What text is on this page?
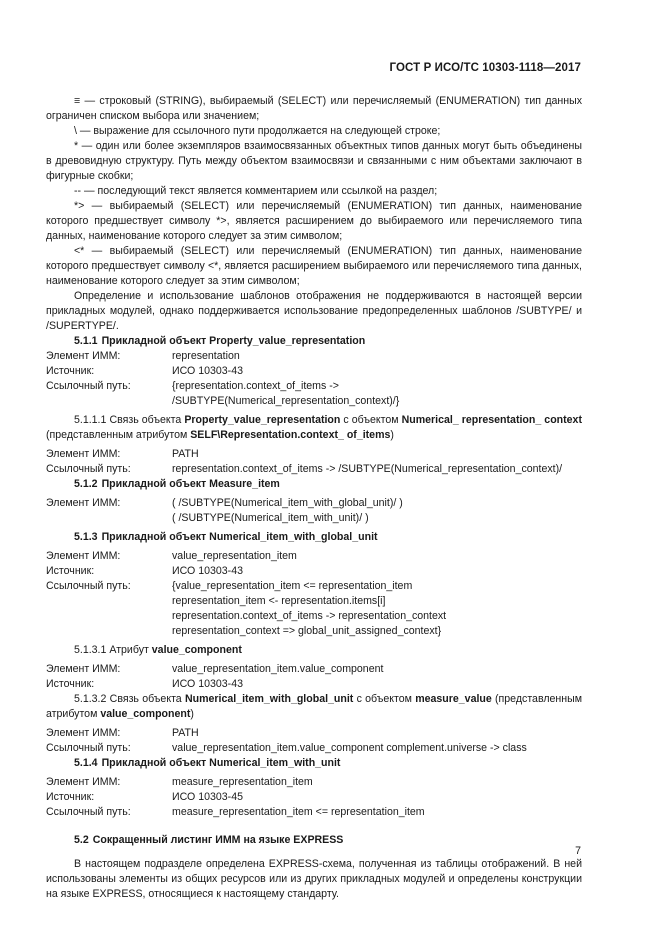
ГОСТ Р ИСО/ТС 10303-1118—2017

≡ — строковый (STRING), выбираемый (SELECT) или перечисляемый (ENUMERATION) тип данных ограничен списком выбора или значением;

\ — выражение для ссылочного пути продолжается на следующей строке;

* — один или более экземпляров взаимосвязанных объектных типов данных могут быть объединены в древовидную структуру. Путь между объектом взаимосвязи и связанными с ним объектами заключают в фигурные скобки;

-- — последующий текст является комментарием или ссылкой на раздел;

*> — выбираемый (SELECT) или перечисляемый (ENUMERATION) тип данных, наименование которого предшествует символу *>, является расширением до выбираемого или перечисляемого типа данных, наименование которого следует за этим символом;

<* — выбираемый (SELECT) или перечисляемый (ENUMERATION) тип данных, наименование которого предшествует символу <*, является расширением выбираемого или перечисляемого типа данных, наименование которого следует за этим символом;

Определение и использование шаблонов отображения не поддерживаются в настоящей версии прикладных модулей, однако поддерживается использование предопределенных шаблонов /SUBTYPE/ и /SUPERTYPE/.

5.1.1 Прикладной объект Property_value_representation

Элемент ИММ:	representation
Источник:	ИСО 10303-43
Ссылочный путь:	{representation.context_of_items ->
/SUBTYPE(Numerical_representation_context)/}

5.1.1.1 Связь объекта Property_value_representation с объектом Numerical_ representation_ context (представленным атрибутом SELF\Representation.context_ of_items)

Элемент ИММ:	PATH
Ссылочный путь:	representation.context_of_items -> /SUBTYPE(Numerical_representation_context)/

5.1.2 Прикладной объект Measure_item

Элемент ИММ:	( /SUBTYPE(Numerical_item_with_global_unit)/ )
( /SUBTYPE(Numerical_item_with_unit)/ )

5.1.3 Прикладной объект Numerical_item_with_global_unit

Элемент ИММ:	value_representation_item
Источник:	ИСО 10303-43
Ссылочный путь:	{value_representation_item <= representation_item
representation_item <- representation.items[i]
representation.context_of_items -> representation_context
representation_context => global_unit_assigned_context}

5.1.3.1 Атрибут value_component

Элемент ИММ:	value_representation_item.value_component
Источник:	ИСО 10303-43

5.1.3.2 Связь объекта Numerical_item_with_global_unit с объектом measure_value (представленным атрибутом value_component)

Элемент ИММ:	PATH
Ссылочный путь:	value_representation_item.value_component complement.universe -> class

5.1.4 Прикладной объект Numerical_item_with_unit

Элемент ИММ:	measure_representation_item
Источник:	ИСО 10303-45
Ссылочный путь:	measure_representation_item <= representation_item

5.2 Сокращенный листинг ИММ на языке EXPRESS

В настоящем подразделе определена EXPRESS-схема, полученная из таблицы отображений. В ней использованы элементы из общих ресурсов или из других прикладных модулей и определены конструкции на языке EXPRESS, относящиеся к настоящему стандарту.

7
